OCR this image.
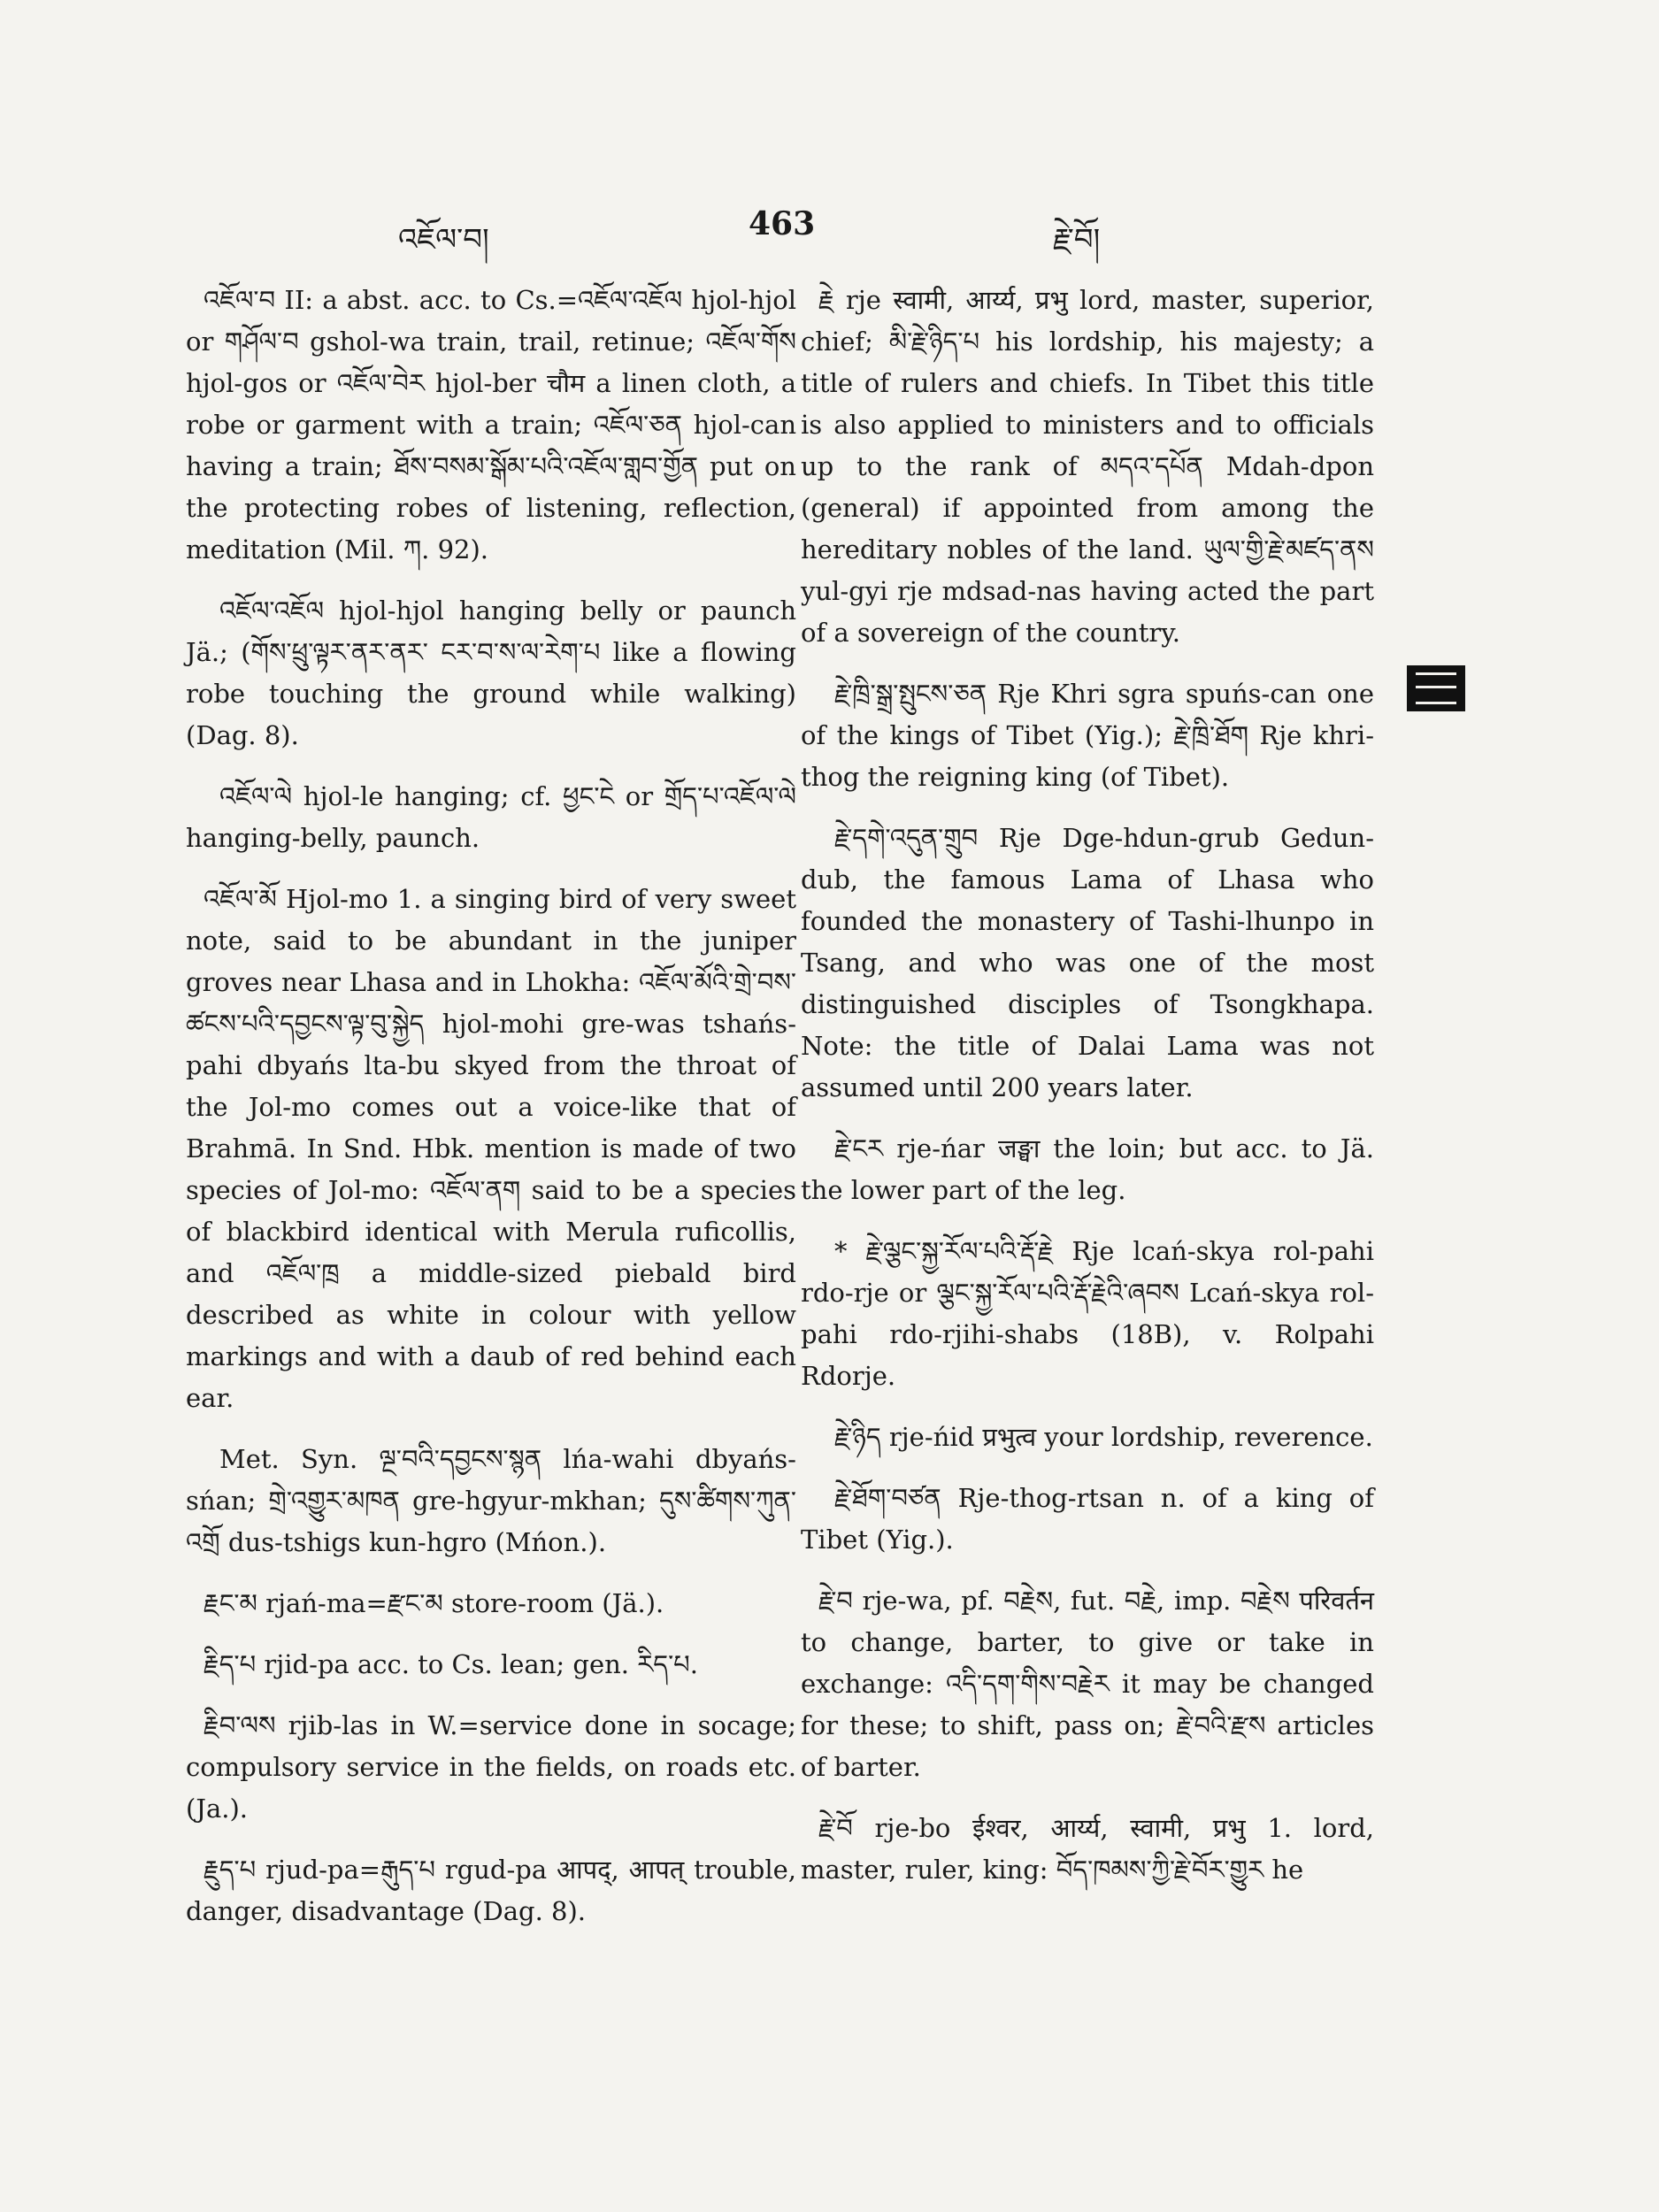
འཇོལ་བ།	463	རྗེ་བོ།

འཇོལ་བ II: a abst. acc. to Cs.=འཇོལ་འཇོལ hjol-hjol or གཤོལ་བ gshol-wa train, trail, retinue; འཇོལ་གོས hjol-gos or འཇོལ་བེར hjol-ber चौम a linen cloth, a robe or garment with a train; འཇོལ་ཅན hjol-can having a train; ཐོས་བསམ་སྒོམ་པའི་འཇོལ་གླབ་གྱོན put on the protecting robes of listening, reflection, meditation (Mil. ཀ. 92).

འཇོལ་འཇོལ hjol-hjol hanging belly or paunch Jä.; (གོས་ཕྲུ་ལྟར་ནར་ནར་ ངར་བ་ས་ལ་རེག་པ like a flowing robe touching the ground while walking) (Dag. 8).

འཇོལ་ལེ hjol-le hanging; cf. ཕྱང་ངེ or གྲོད་པ་འཇོལ་ལེ hanging-belly, paunch.

འཇོལ་མོ Hjol-mo 1. a singing bird of very sweet note, said to be abundant in the juniper groves near Lhasa and in Lhokha: འཇོལ་མོའི་གྲེ་བས་ཚངས་པའི་དབྱངས་ལྟ་བུ་སྐྱེད hjol-mohi gre-was tshańs-pahi dbyańs lta-bu skyed from the throat of the Jol-mo comes out a voice-like that of Brahmā. In Snd. Hbk. mention is made of two species of Jol-mo: འཇོལ་ནག said to be a species of blackbird identical with Merula ruficollis, and འཇོལ་ཁྲ a middle-sized piebald bird described as white in colour with yellow markings and with a daub of red behind each ear.

Met. Syn. ལྔ་བའི་དབྱངས་སྙན lńa-wahi dbyańs-sńan; གྲེ་འགྱུར་མཁན gre-hgyur-mkhan; དུས་ཚིགས་ཀུན་འགྲོ dus-tshigs kun-hgro (Mńon.).

རྗང་མ rjań-ma=རྫང་མ store-room (Jä.).

རྗིད་པ rjid-pa acc. to Cs. lean; gen. རིད་པ.

རྗིབ་ལས rjib-las in W.=service done in socage; compulsory service in the fields, on roads etc. (Ja.).

རྗུད་པ rjud-pa=རྒུད་པ rgud-pa आपद्, आपत् trouble, danger, disadvantage (Dag. 8).

རྗེ rje स्वामी, आर्य्य, प्रभु lord, master, superior, chief; མི་རྗེ་ཉིད་པ his lordship, his majesty; a title of rulers and chiefs. In Tibet this title is also applied to ministers and to officials up to the rank of མདའ་དཔོན Mdah-dpon (general) if appointed from among the hereditary nobles of the land. ཡུལ་གྱི་རྗེ་མཛད་ནས yul-gyi rje mdsad-nas having acted the part of a sovereign of the country.

རྗེ་ཁྲི་སྒྲ་སྤུངས་ཅན Rje Khri sgra spuńs-can one of the kings of Tibet (Yig.); རྗེ་ཁྲི་ཐོག Rje khri-thog the reigning king (of Tibet).

རྗེ་དགེ་འདུན་གྲུབ Rje Dge-hdun-grub Gedun-dub, the famous Lama of Lhasa who founded the monastery of Tashi-lhunpo in Tsang, and who was one of the most distinguished disciples of Tsongkhapa. Note: the title of Dalai Lama was not assumed until 200 years later.

རྗེ་ངར rje-ńar जङ्घा the loin; but acc. to Jä. the lower part of the leg.

* རྗེ་ལྕང་སྐྱ་རོལ་པའི་རྡོ་རྗེ Rje lcań-skya rol-pahi rdo-rje or ལྕང་སྐྱ་རོལ་པའི་རྡོ་རྗེའི་ཞབས Lcań-skya rol-pahi rdo-rjihi-shabs (18B), v. Rolpahi Rdorje.

རྗེ་ཉིད rje-ńid प्रभुत्व your lordship, reverence.

རྗེ་ཐོག་བཙན Rje-thog-rtsan n. of a king of Tibet (Yig.).

རྗེ་བ rje-wa, pf. བརྗེས, fut. བརྗེ, imp. བརྗེས परिवर्तन to change, barter, to give or take in exchange: འདི་དག་གིས་བརྗེར it may be changed for these; to shift, pass on; རྗེ་བའི་རྫས articles of barter.

རྗེ་བོ rje-bo ईश्वर, आर्य्य, स्वामी, प्रभु 1. lord, master, ruler, king: བོད་ཁམས་ཀྱི་རྗེ་བོར་གྱུར he
